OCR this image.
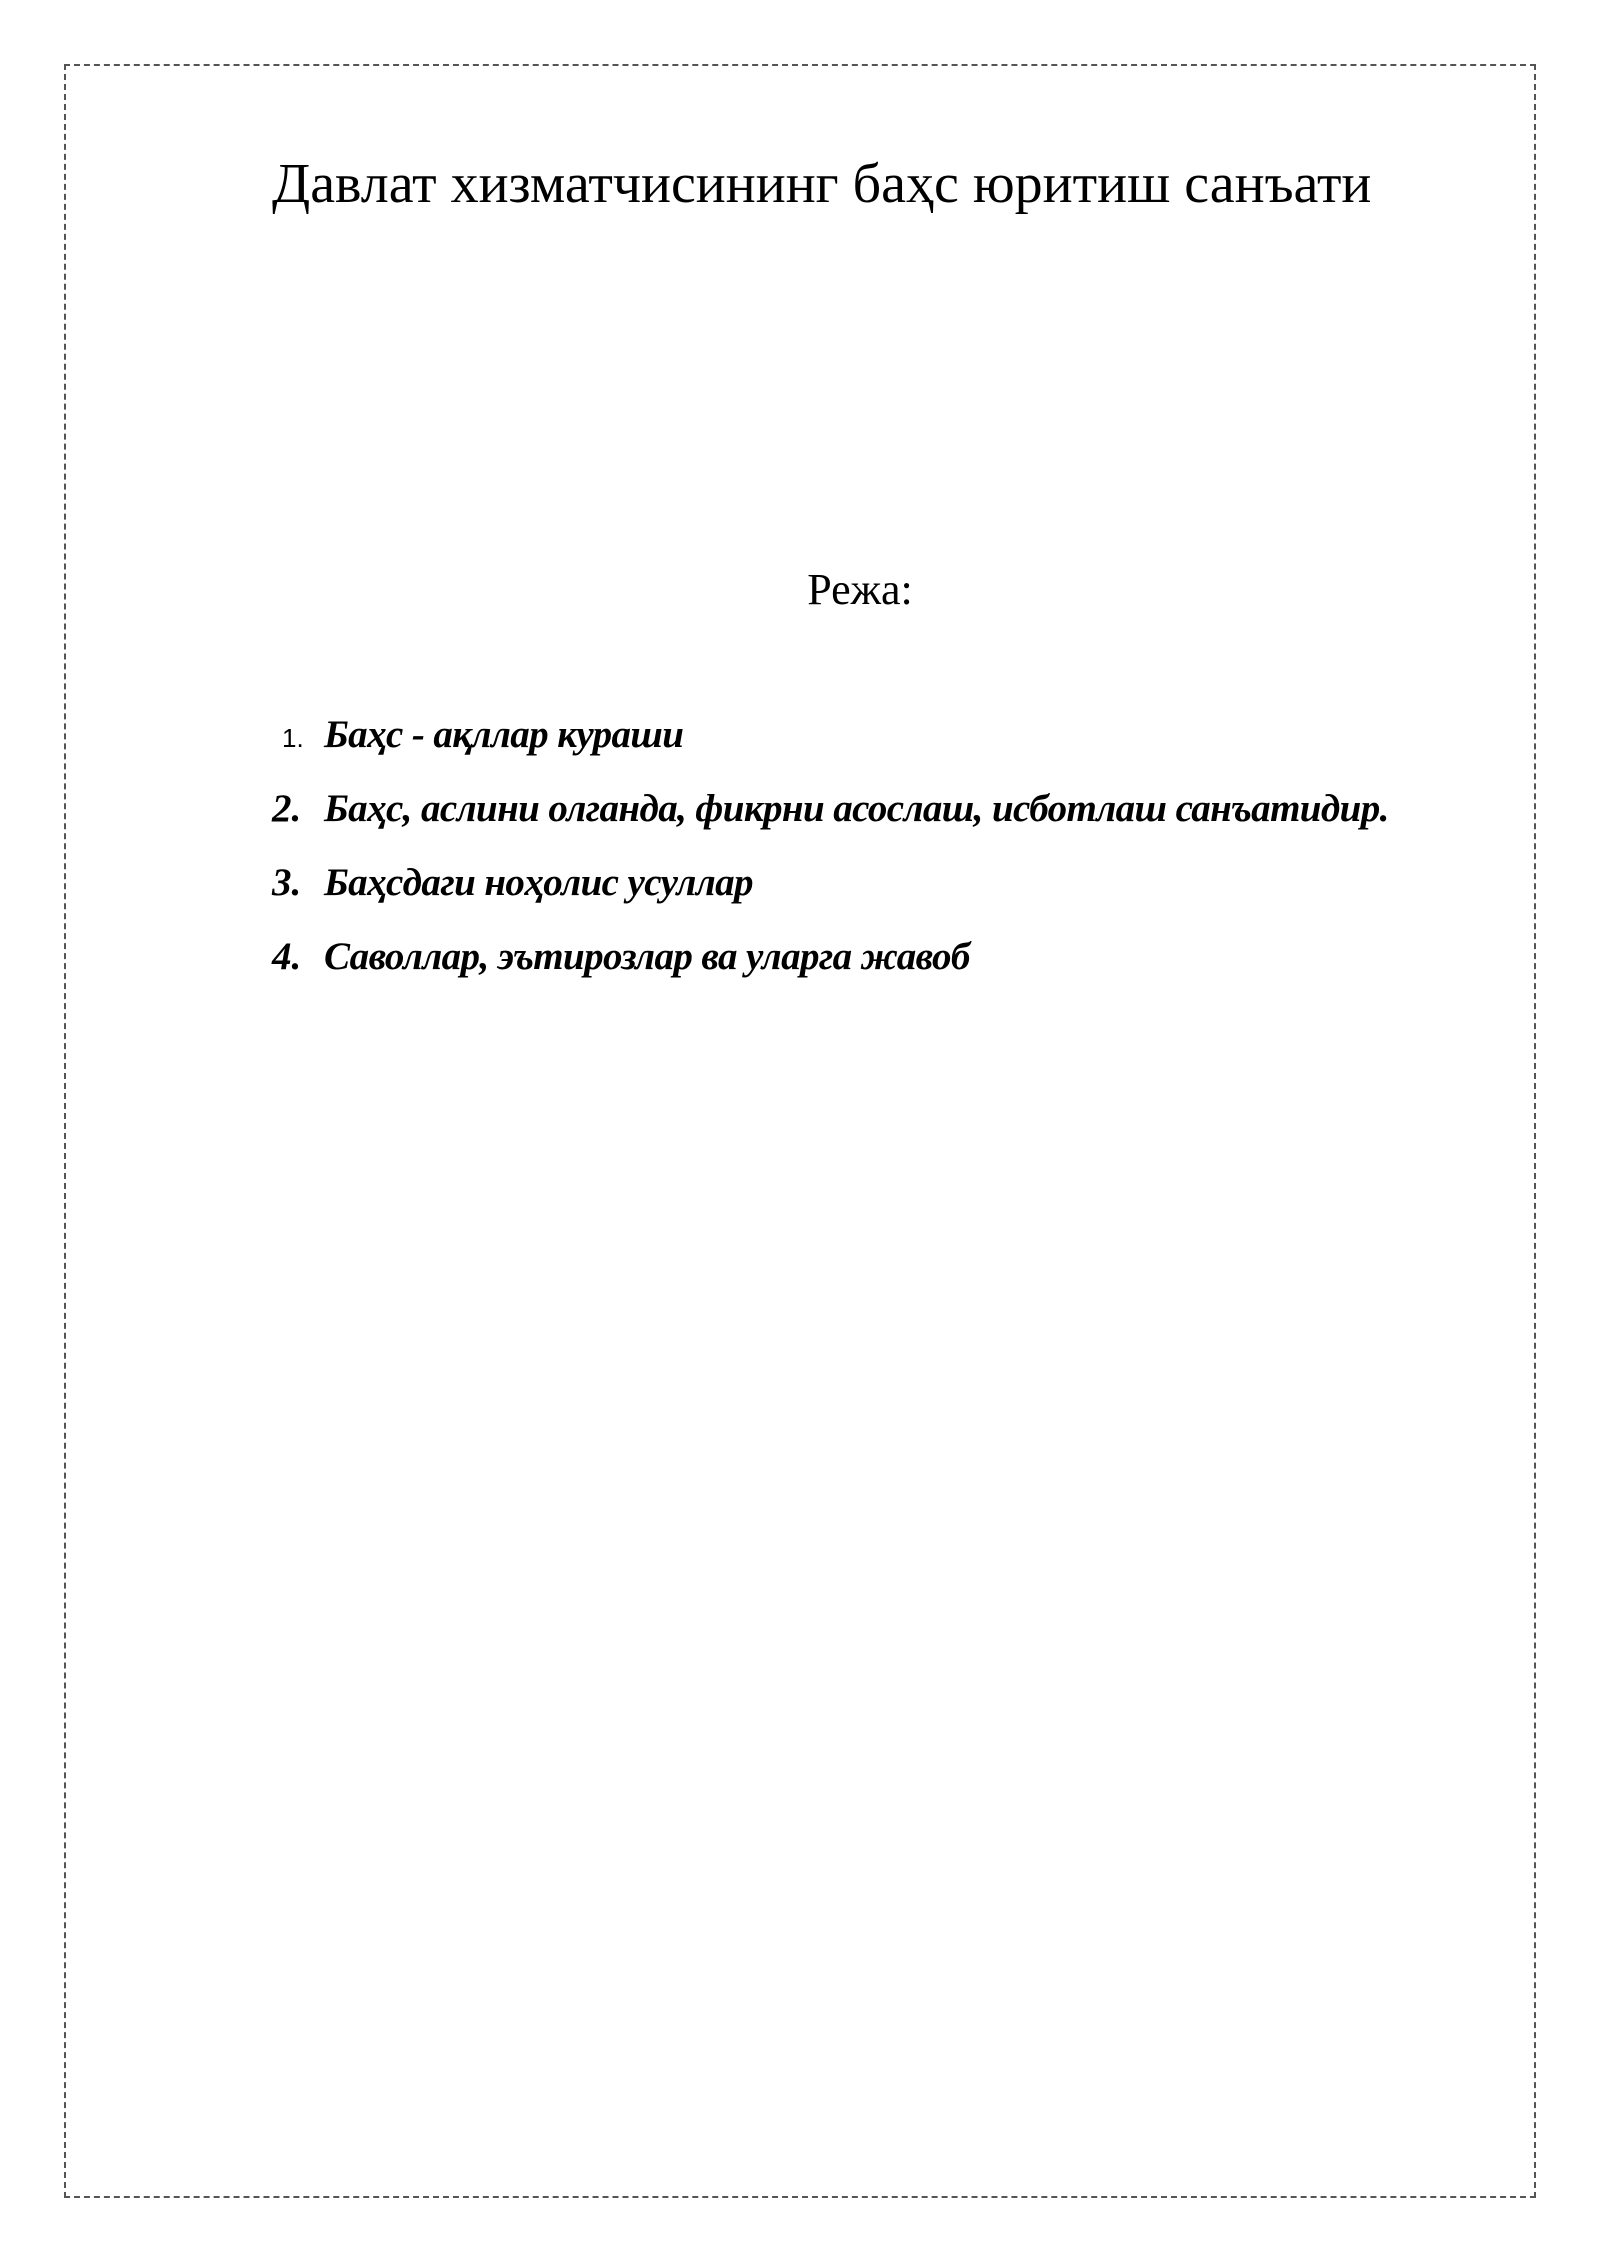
Давлат хизматчисининг баҳс юритиш санъати
Режа:
1. Баҳс - ақллар кураши
2. Баҳс, аслини олганда, фикрни асослаш, исботлаш санъатидир.
3. Баҳсдаги ноҳолис усуллар
4. Саволлар, эътирозлар ва уларга жавоб
